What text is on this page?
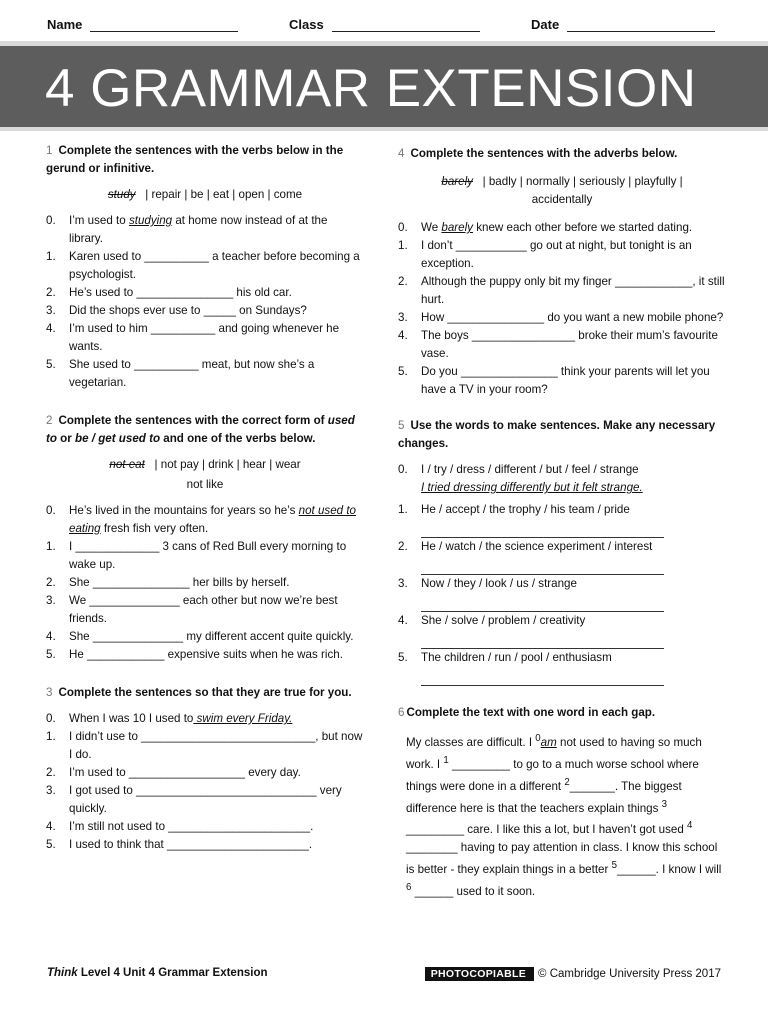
Name	Class	Date
4 GRAMMAR EXTENSION
1 Complete the sentences with the verbs below in the gerund or infinitive.
study | repair | be | eat | open | come
0.	I’m used to studying at home now instead of at the library.
1.	Karen used to __________ a teacher before becoming a psychologist.
2.	He’s used to _______________ his old car.
3.	Did the shops ever use to _____ on Sundays?
4.	I’m used to him __________ and going whenever he wants.
5.	She used to __________ meat, but now she’s a vegetarian.
2 Complete the sentences with the correct form of used to or be / get used to and one of the verbs below.
not eat | not pay | drink | hear | wear
not like
0.	He’s lived in the mountains for years so he’s not used to eating fresh fish very often.
1.	I _____________ 3 cans of Red Bull every morning to wake up.
2.	She _______________ her bills by herself.
3.	We ______________ each other but now we’re best friends.
4.	She ______________ my different accent quite quickly.
5.	He ____________ expensive suits when he was rich.
3 Complete the sentences so that they are true for you.
0.	When I was 10 I used to swim every Friday.
1.	I didn’t use to ___________________________, but now I do.
2.	I’m used to __________________ every day.
3.	I got used to ____________________________ very quickly.
4.	I’m still not used to ______________________.
5.	I used to think that ______________________.
4 Complete the sentences with the adverbs below.
barely | badly | normally | seriously | playfully |
accidentally
0.	We barely knew each other before we started dating.
1.	I don’t ___________ go out at night, but tonight is an exception.
2.	Although the puppy only bit my finger ____________, it still hurt.
3.	How _______________ do you want a new mobile phone?
4.	The boys ________________ broke their mum’s favourite vase.
5.	Do you _______________ think your parents will let you have a TV in your room?
5 Use the words to make sentences. Make any necessary changes.
0.	I / try / dress / different / but / feel / strange
I tried dressing differently but it felt strange.
1.	He / accept / the trophy / his team / pride
2.	He / watch / the science experiment / interest
3.	Now / they / look / us / strange
4.	She / solve / problem / creativity
5.	The children / run / pool / enthusiasm
6 Complete the text with one word in each gap.
My classes are difficult. I $^0$am not used to having so much work. I $^1$ _________ to go to a much worse school where things were done in a different $^2$_______. The biggest difference here is that the teachers explain things $^3$ _________ care. I like this a lot, but I haven’t got used $^4$ ________ having to pay attention in class. I know this school is better - they explain things in a better $^5$______. I know I will $^6$ ______ used to it soon.
Think Level 4 Unit 4 Grammar Extension	PHOTOCOPIABLE	© Cambridge University Press 2017
